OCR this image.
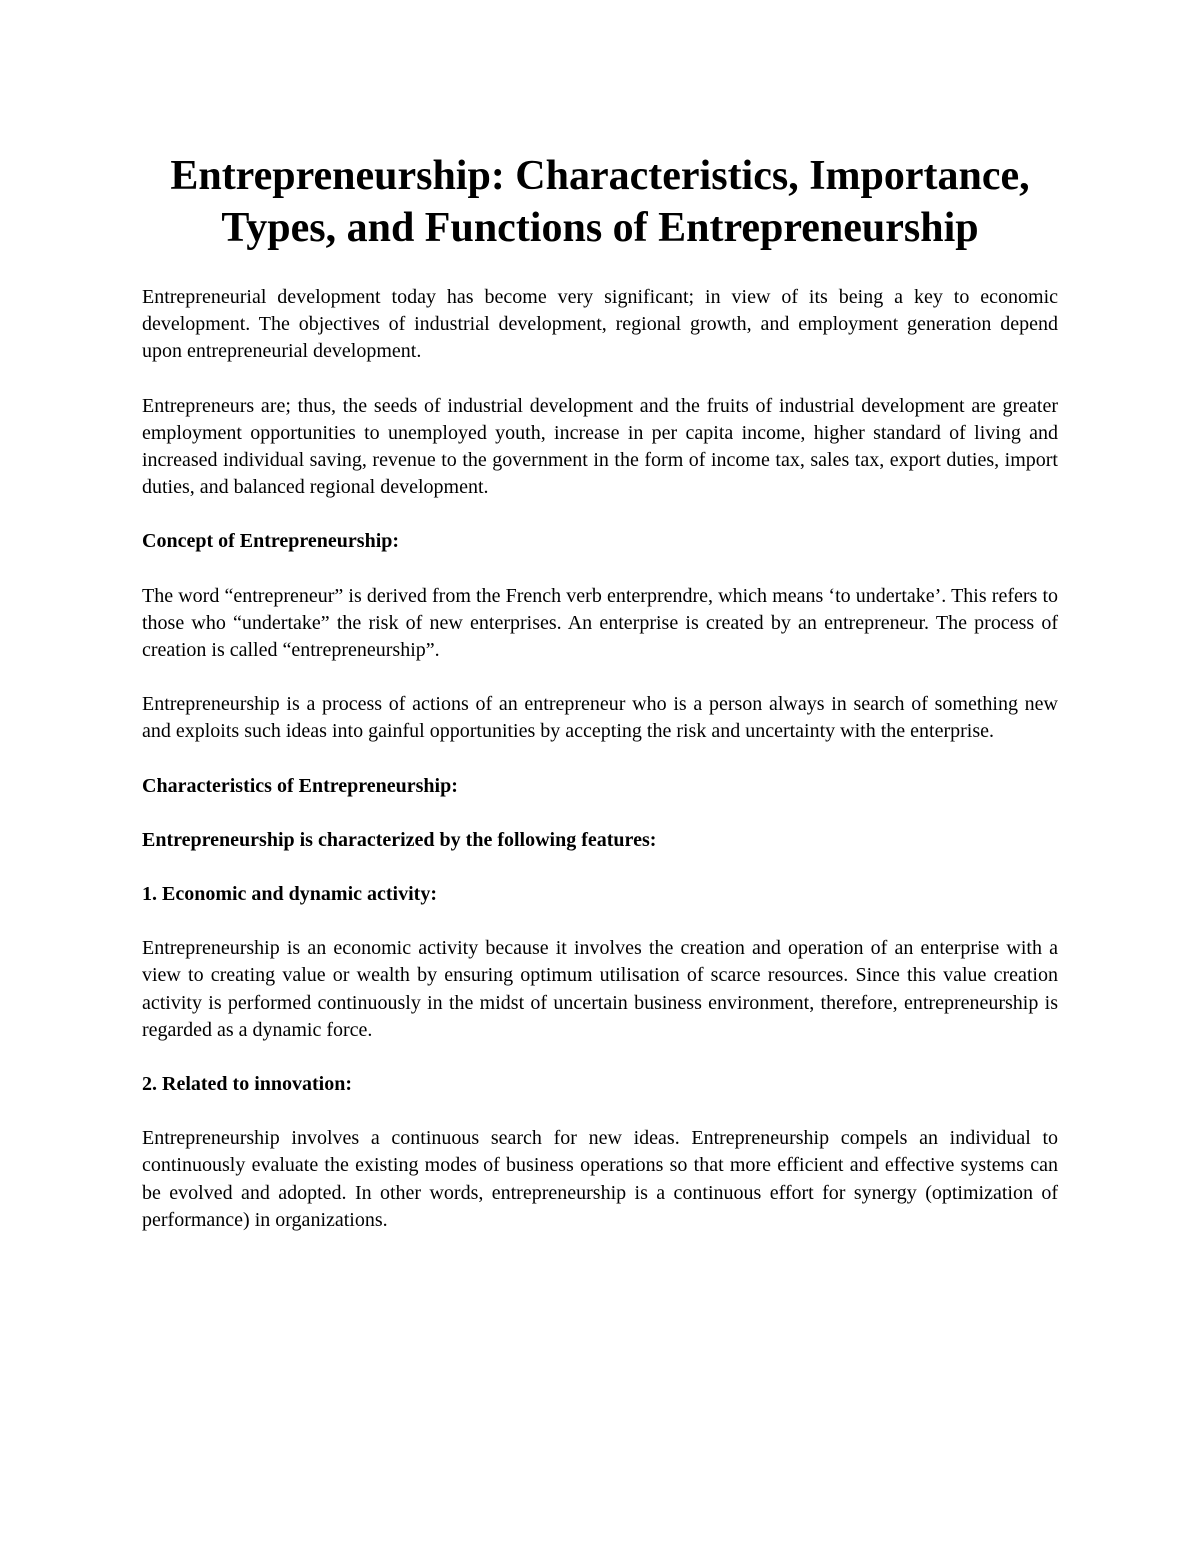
Entrepreneurship: Characteristics, Importance, Types, and Functions of Entrepreneurship

Entrepreneurial development today has become very significant; in view of its being a key to economic development. The objectives of industrial development, regional growth, and employment generation depend upon entrepreneurial development.

Entrepreneurs are; thus, the seeds of industrial development and the fruits of industrial development are greater employment opportunities to unemployed youth, increase in per capita income, higher standard of living and increased individual saving, revenue to the government in the form of income tax, sales tax, export duties, import duties, and balanced regional development.

Concept of Entrepreneurship:

The word “entrepreneur” is derived from the French verb enterprendre, which means ‘to undertake’. This refers to those who “undertake” the risk of new enterprises. An enterprise is created by an entrepreneur. The process of creation is called “entrepreneurship”.

Entrepreneurship is a process of actions of an entrepreneur who is a person always in search of something new and exploits such ideas into gainful opportunities by accepting the risk and uncertainty with the enterprise.

Characteristics of Entrepreneurship:
Entrepreneurship is characterized by the following features:
1. Economic and dynamic activity:

Entrepreneurship is an economic activity because it involves the creation and operation of an enterprise with a view to creating value or wealth by ensuring optimum utilisation of scarce resources. Since this value creation activity is performed continuously in the midst of uncertain business environment, therefore, entrepreneurship is regarded as a dynamic force.

2. Related to innovation:

Entrepreneurship involves a continuous search for new ideas. Entrepreneurship compels an individual to continuously evaluate the existing modes of business operations so that more efficient and effective systems can be evolved and adopted. In other words, entrepreneurship is a continuous effort for synergy (optimization of performance) in organizations.
